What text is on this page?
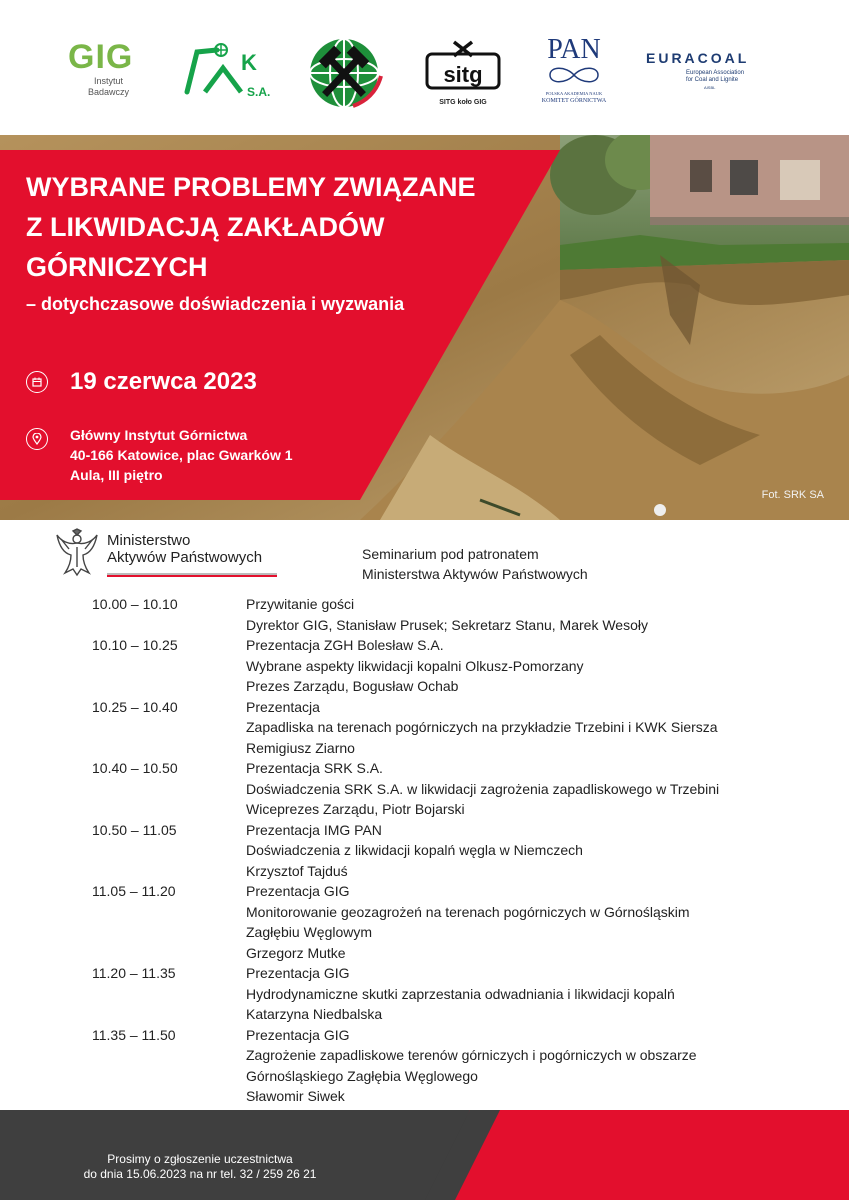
GIG
Instytut
Badawczy
K
S.A.
sitg
SITG koło GIG
PAN
POLSKA AKADEMIA NAUK
KOMITET GÓRNICTWA
EURACOAL
European Association
for Coal and Lignite
AISBL
WYBRANE PROBLEMY ZWIĄZANE
Z LIKWIDACJĄ ZAKŁADÓW
GÓRNICZYCH
– dotychczasowe doświadczenia i wyzwania
19 czerwca 2023
Główny Instytut Górnictwa
40-166 Katowice, plac Gwarków 1
Aula, III piętro
Fot. SRK SA
Ministerstwo
Aktywów Państwowych	Seminarium pod patronatem
Ministerstwa Aktywów Państwowych
10.00 – 10.10	Przywitanie gości
Dyrektor GIG, Stanisław Prusek; Sekretarz Stanu, Marek Wesoły
10.10 – 10.25	Prezentacja ZGH Bolesław S.A.
Wybrane aspekty likwidacji kopalni Olkusz-Pomorzany
Prezes Zarządu, Bogusław Ochab
10.25 – 10.40	Prezentacja
Zapadliska na terenach pogórniczych na przykładzie Trzebini i KWK Siersza
Remigiusz Ziarno
10.40 – 10.50	Prezentacja SRK S.A.
Doświadczenia SRK S.A. w likwidacji zagrożenia zapadliskowego w Trzebini
Wiceprezes Zarządu, Piotr Bojarski
10.50 – 11.05	Prezentacja IMG PAN
Doświadczenia z likwidacji kopalń węgla w Niemczech
Krzysztof Tajduś
11.05 – 11.20	Prezentacja GIG
Monitorowanie geozagrożeń na terenach pogórniczych w Górnośląskim
Zagłębiu Węglowym
Grzegorz Mutke
11.20 – 11.35	Prezentacja GIG
Hydrodynamiczne skutki zaprzestania odwadniania i likwidacji kopalń
Katarzyna Niedbalska
11.35 – 11.50	Prezentacja GIG
Zagrożenie zapadliskowe terenów górniczych i pogórniczych w obszarze
Górnośląskiego Zagłębia Węglowego
Sławomir Siwek
Prosimy o zgłoszenie uczestnictwa
do dnia 15.06.2023 na nr tel. 32 / 259 26 21
